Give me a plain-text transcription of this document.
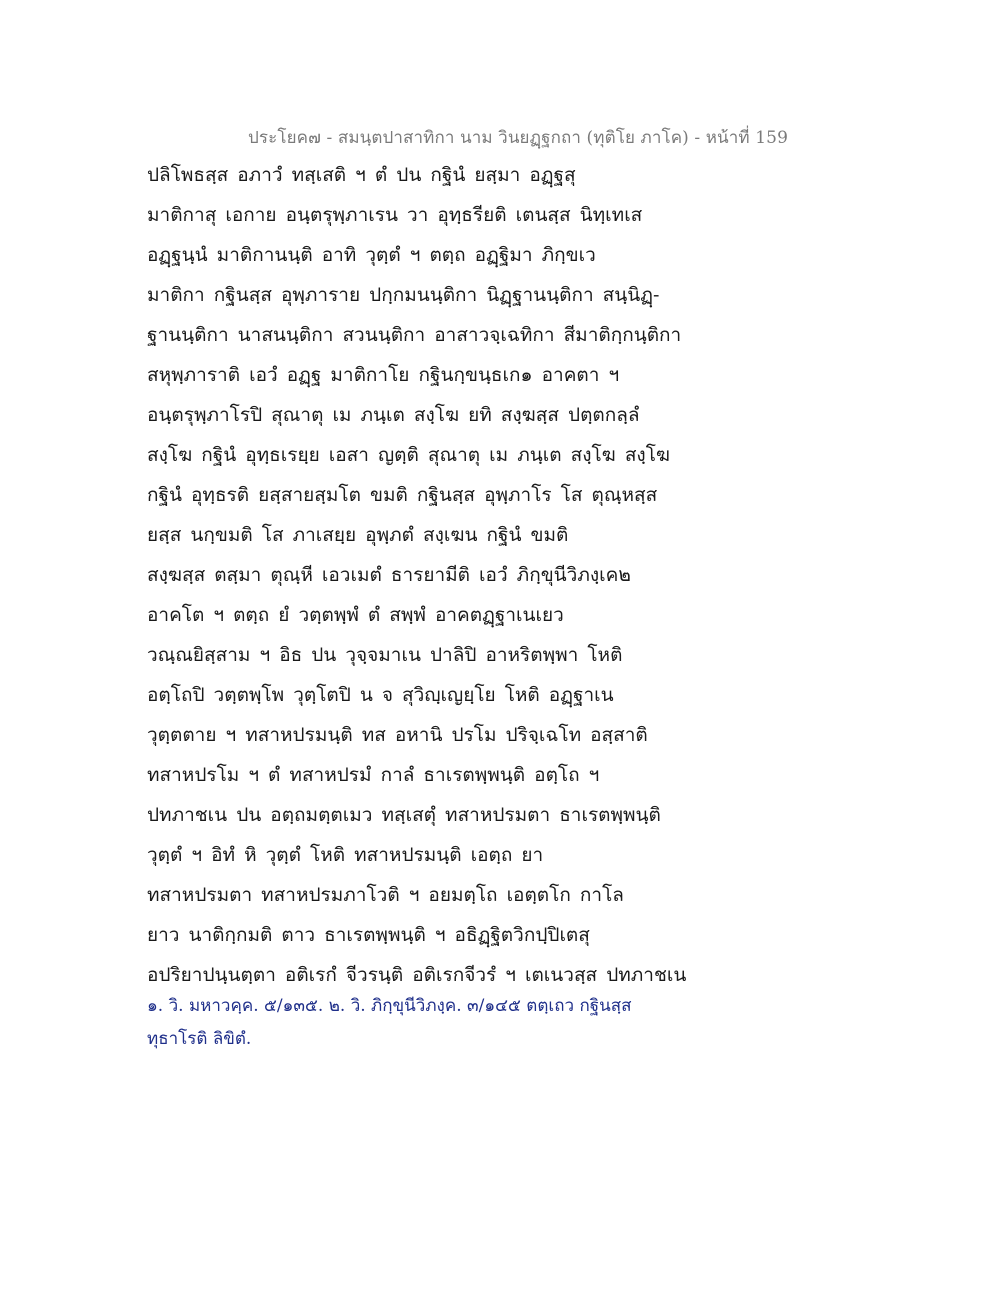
ประโยค๗ - สมนฺตปาสาทิกา นาม วินยฏฺฐกถา (ทุติโย ภาโค) - หน้าที่ 159
ปลิโพธสฺส อภาวํ ทสฺเสติ ฯ ตํ ปน กฐินํ ยสฺมา อฏฺฐสุ
มาติกาสุ เอกาย อนฺตรุพฺภาเรน วา อุทฺธรียติ เตนสฺส นิทฺเทเส
อฏฺฐนฺนํ มาติกานนฺติ อาทิ วุตฺตํ ฯ ตตฺถ อฏฺฐิมา ภิกฺขเว
มาติกา กฐินสฺส อุพฺภาราย ปกฺกมนนฺติกา นิฏฺฐานนฺติกา สนฺนิฏฺ-
ฐานนฺติกา นาสนนฺติกา สวนนฺติกา อาสาวจฺเฉทิกา สีมาติกฺกนฺติกา
สหุพฺภาราติ เอวํ อฏฺฐ มาติกาโย กฐินกฺขนฺธเก๑ อาคตา ฯ
อนฺตรุพฺภาโรปิ สุณาตุ เม ภนฺเต สงฺโฆ ยทิ สงฺฆสฺส ปตฺตกลฺลํ
สงฺโฆ กฐินํ อุทฺธเรยฺย เอสา ญตฺติ สุณาตุ เม ภนฺเต สงฺโฆ สงฺโฆ
กฐินํ อุทฺธรติ ยสฺสายสฺมโต ขมติ กฐินสฺส อุพฺภาโร โส ตุณฺหสฺส
ยสฺส นกฺขมติ โส ภาเสยฺย อุพฺภตํ สงฺเฆน กฐินํ ขมติ
สงฺฆสฺส ตสฺมา ตุณฺหี เอวเมตํ ธารยามีติ เอวํ ภิกฺขุนีวิภงฺเค๒
อาคโต ฯ ตตฺถ ยํ วตฺตพฺพํ ตํ สพฺพํ อาคตฏฺฐาเนเยว
วณฺณยิสฺสาม ฯ อิธ ปน วุจฺจมาเน ปาลิปิ อาหริตพฺพา โหติ
อตฺโถปิ วตฺตพฺโพ วุตฺโตปิ น จ สุวิญฺเญยฺโย โหติ อฏฺฐาเน
วุตฺตตาย ฯ ทสาหปรมนฺติ ทส อหานิ ปรโม ปริจฺเฉโท อสฺสาติ
ทสาหปรโม ฯ ตํ ทสาหปรมํ กาลํ ธาเรตพฺพนฺติ อตฺโถ ฯ
ปทภาชเน ปน อตฺถมตฺตเมว ทสฺเสตุํ ทสาหปรมตา ธาเรตพฺพนฺติ
วุตฺตํ ฯ อิทํ หิ วุตฺตํ โหติ ทสาหปรมนฺติ เอตฺถ ยา
ทสาหปรมตา ทสาหปรมภาโวติ ฯ อยมตฺโถ เอตฺตโก กาโล
ยาว นาติกฺกมติ ตาว ธาเรตพฺพนฺติ ฯ อธิฏฺฐิตวิกปฺปิเตสุ
อปริยาปนฺนตฺตา อติเรกํ จีวรนฺติ อติเรกจีวรํ ฯ เตเนวสฺส ปทภาชเน
๑. วิ. มหาวคฺค. ๕/๑๓๕. ๒. วิ. ภิกฺขุนีวิภงฺค. ๓/๑๔๕ ตตฺเถว กฐินสฺส
ทุธาโรติ ลิขิตํ.
